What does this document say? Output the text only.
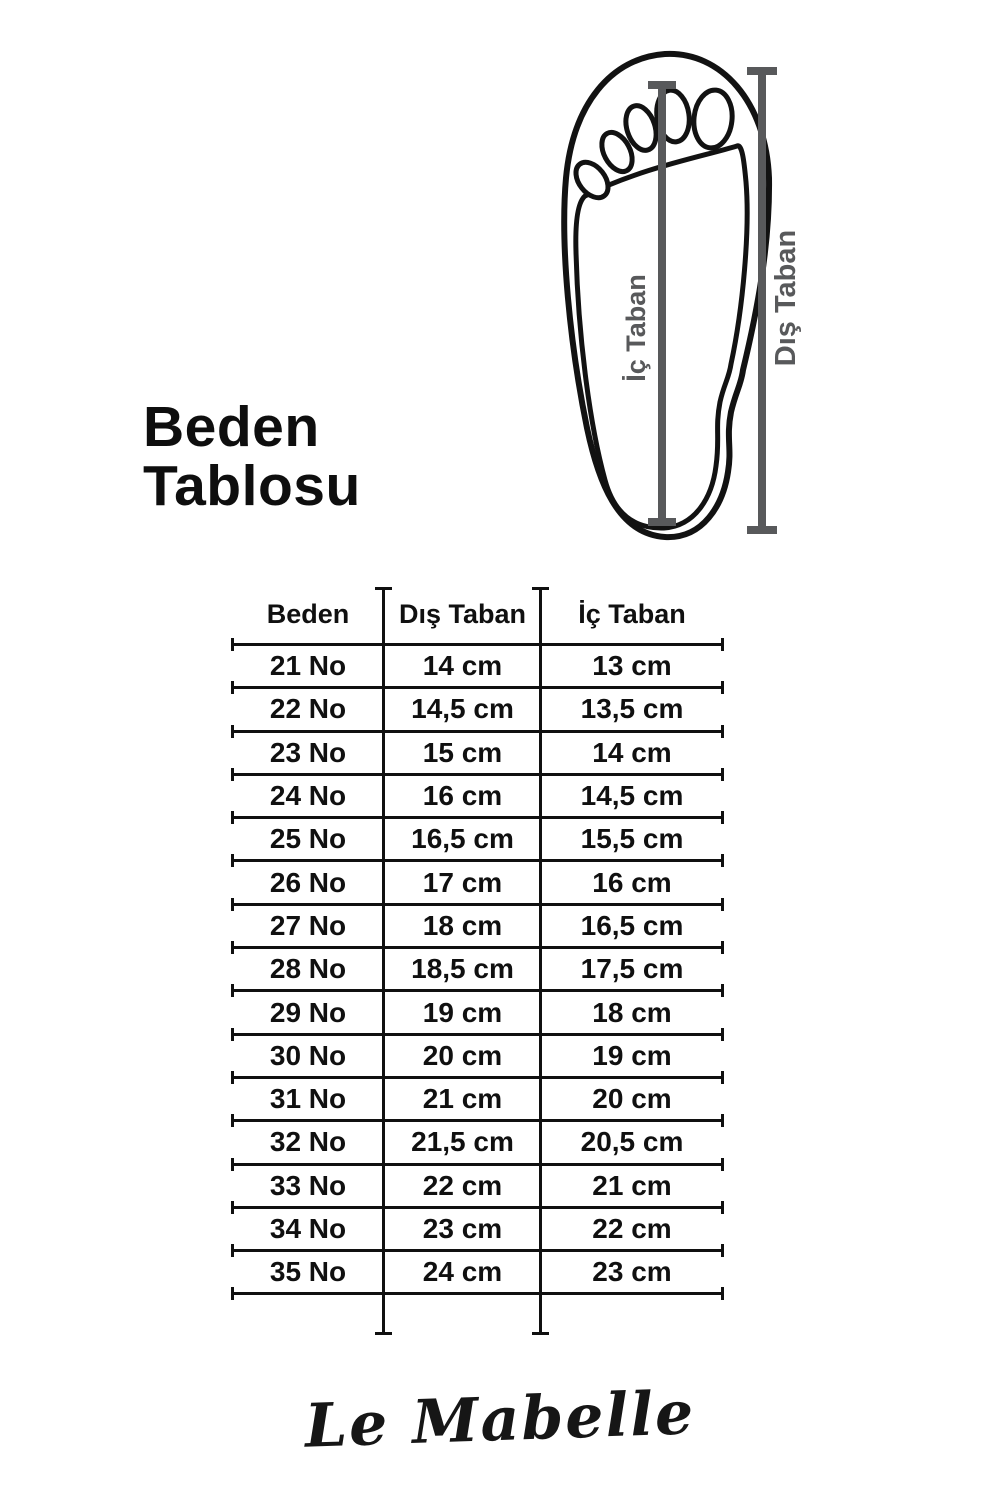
Beden
Tablosu
İç Taban	Dış Taban
Beden	Dış Taban	İç Taban
21 No	14 cm	13 cm
22 No	14,5 cm	13,5 cm
23 No	15 cm	14 cm
24 No	16 cm	14,5 cm
25 No	16,5 cm	15,5 cm
26 No	17 cm	16 cm
27 No	18 cm	16,5 cm
28 No	18,5 cm	17,5 cm
29 No	19 cm	18 cm
30 No	20 cm	19 cm
31 No	21 cm	20 cm
32 No	21,5 cm	20,5 cm
33 No	22 cm	21 cm
34 No	23 cm	22 cm
35 No	24 cm	23 cm
Le Mabelle
